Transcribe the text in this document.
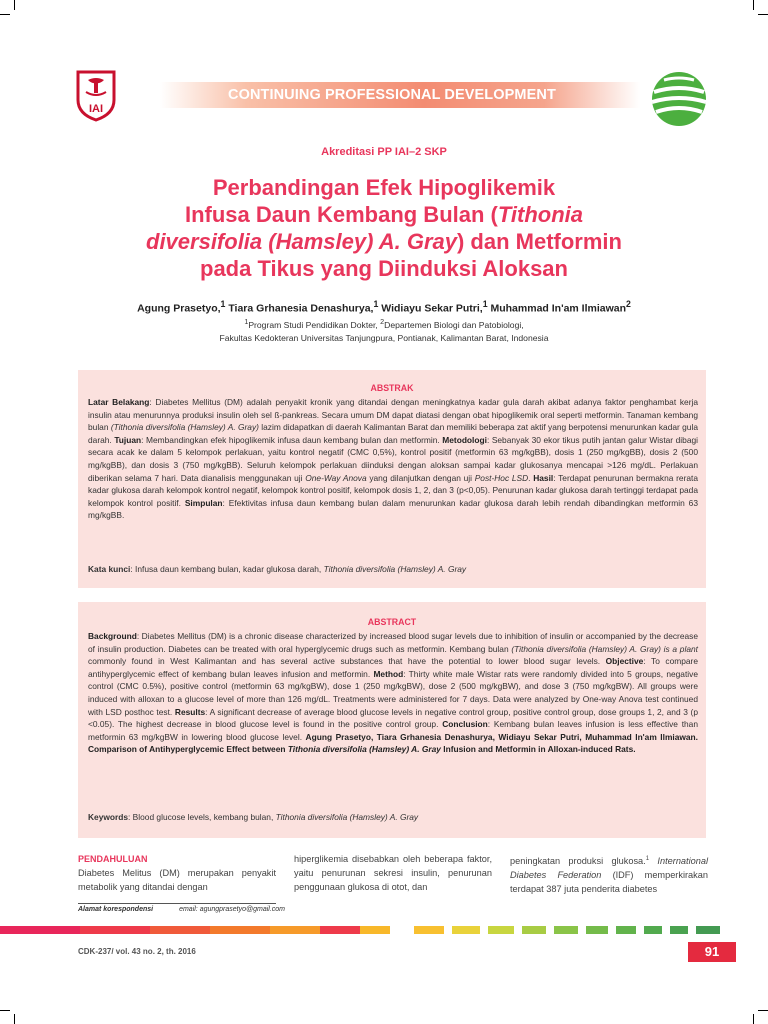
IAI
CONTINUING PROFESSIONAL DEVELOPMENT
Akreditasi PP IAI–2 SKP
Perbandingan Efek Hipoglikemik
Infusa Daun Kembang Bulan (Tithonia
diversifolia (Hamsley) A. Gray) dan Metformin
pada Tikus yang Diinduksi Aloksan
Agung Prasetyo,$^1$ Tiara Grhanesia Denashurya,$^1$ Widiayu Sekar Putri,$^1$ Muhammad In'am Ilmiawan$^2$
$^1$Program Studi Pendidikan Dokter, $^2$Departemen Biologi dan Patobiologi,
Fakultas Kedokteran Universitas Tanjungpura, Pontianak, Kalimantan Barat, Indonesia
ABSTRAK
Latar Belakang: Diabetes Mellitus (DM) adalah penyakit kronik yang ditandai dengan meningkatnya kadar gula darah akibat adanya faktor penghambat kerja insulin atau menurunnya produksi insulin oleh sel ß-pankreas. Secara umum DM dapat diatasi dengan obat hipoglikemik oral seperti metformin. Tanaman kembang bulan (Tithonia diversifolia (Hamsley) A. Gray) lazim didapatkan di daerah Kalimantan Barat dan memiliki beberapa zat aktif yang berpotensi menurunkan kadar gula darah. Tujuan: Membandingkan efek hipoglikemik infusa daun kembang bulan dan metformin. Metodologi: Sebanyak 30 ekor tikus putih jantan galur Wistar dibagi secara acak ke dalam 5 kelompok perlakuan, yaitu kontrol negatif (CMC 0,5%), kontrol positif (metformin 63 mg/kgBB), dosis 1 (250 mg/kgBB), dosis 2 (500 mg/kgBB), dan dosis 3 (750 mg/kgBB). Seluruh kelompok perlakuan diinduksi dengan aloksan sampai kadar glukosanya mencapai >126 mg/dL. Perlakuan diberikan selama 7 hari. Data dianalisis menggunakan uji One-Way Anova yang dilanjutkan dengan uji Post-Hoc LSD. Hasil: Terdapat penurunan bermakna rerata kadar glukosa darah kelompok kontrol negatif, kelompok kontrol positif, kelompok dosis 1, 2, dan 3 (p<0,05). Penurunan kadar glukosa darah tertinggi terdapat pada kelompok kontrol positif. Simpulan: Efektivitas infusa daun kembang bulan dalam menurunkan kadar glukosa darah lebih rendah dibandingkan metformin 63 mg/kgBB.
Kata kunci: Infusa daun kembang bulan, kadar glukosa darah, Tithonia diversifolia (Hamsley) A. Gray
ABSTRACT
Background: Diabetes Mellitus (DM) is a chronic disease characterized by increased blood sugar levels due to inhibition of insulin or accompanied by the decrease of insulin production. Diabetes can be treated with oral hyperglycemic drugs such as metformin. Kembang bulan (Tithonia diversifolia (Hamsley) A. Gray) is a plant commonly found in West Kalimantan and has several active substances that have the potential to lower blood sugar levels. Objective: To compare antihyperglycemic effect of kembang bulan leaves infusion and metformin. Method: Thirty white male Wistar rats were randomly divided into 5 groups, negative control (CMC 0.5%), positive control (metformin 63 mg/kgBW), dose 1 (250 mg/kgBW), dose 2 (500 mg/kgBW), and dose 3 (750 mg/kgBW). All groups were induced with alloxan to a glucose level of more than 126 mg/dL. Treatments were administered for 7 days. Data were analyzed by One-way Anova test continued with LSD posthoc test. Results: A significant decrease of average blood glucose levels in negative control group, positive control group, dose groups 1, 2, and 3 (p <0.05). The highest decrease in blood glucose level is found in the positive control group. Conclusion: Kembang bulan leaves infusion is less effective than metformin 63 mg/kgBW in lowering blood glucose level. Agung Prasetyo, Tiara Grhanesia Denashurya, Widiayu Sekar Putri, Muhammad In'am Ilmiawan. Comparison of Antihyperglycemic Effect between Tithonia diversifolia (Hamsley) A. Gray Infusion and Metformin in Alloxan-induced Rats.
Keywords: Blood glucose levels, kembang bulan, Tithonia diversifolia (Hamsley) A. Gray
PENDAHULUAN
Diabetes Melitus (DM) merupakan penyakit metabolik yang ditandai dengan
hiperglikemia disebabkan oleh beberapa faktor, yaitu penurunan sekresi insulin, penurunan penggunaan glukosa di otot, dan
peningkatan produksi glukosa.$^1$ International Diabetes Federation (IDF) memperkirakan terdapat 387 juta penderita diabetes
Alamat korespondensi	email: agungprasetyo@gmail.com
CDK-237/ vol. 43 no. 2, th. 2016	91
